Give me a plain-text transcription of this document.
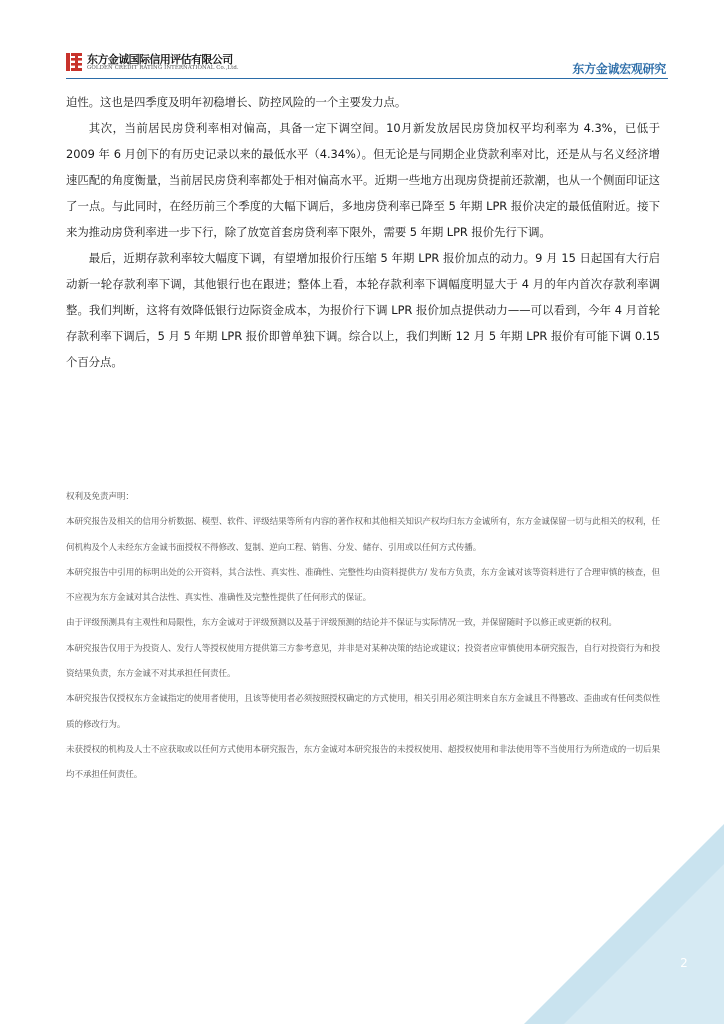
东方金诚国际信用评估有限公司
GOLDEN CREDIT RATING INTERNATIONAL Co.,Ltd.	东方金诚宏观研究

迫性。这也是四季度及明年初稳增长、防控风险的一个主要发力点。

其次，当前居民房贷利率相对偏高，具备一定下调空间。10月新发放居民房贷加权平均利率为 4.3%，已低于 2009 年 6 月创下的有历史记录以来的最低水平（4.34%）。但无论是与同期企业贷款利率对比，还是从与名义经济增速匹配的角度衡量，当前居民房贷利率都处于相对偏高水平。近期一些地方出现房贷提前还款潮，也从一个侧面印证这了一点。与此同时，在经历前三个季度的大幅下调后，多地房贷利率已降至 5 年期 LPR 报价决定的最低值附近。接下来为推动房贷利率进一步下行，除了放宽首套房贷利率下限外，需要 5 年期 LPR 报价先行下调。

最后，近期存款利率较大幅度下调，有望增加报价行压缩 5 年期 LPR 报价加点的动力。9 月 15 日起国有大行启动新一轮存款利率下调，其他银行也在跟进；整体上看，本轮存款利率下调幅度明显大于 4 月的年内首次存款利率调整。我们判断，这将有效降低银行边际资金成本，为报价行下调 LPR 报价加点提供动力——可以看到，今年 4 月首轮存款利率下调后，5 月 5 年期 LPR 报价即曾单独下调。综合以上，我们判断 12 月 5 年期 LPR 报价有可能下调 0.15 个百分点。

权利及免责声明：

本研究报告及相关的信用分析数据、模型、软件、评级结果等所有内容的著作权和其他相关知识产权均归东方金诚所有，东方金诚保留一切与此相关的权利，任何机构及个人未经东方金诚书面授权不得修改、复制、逆向工程、销售、分发、储存、引用或以任何方式传播。

本研究报告中引用的标明出处的公开资料，其合法性、真实性、准确性、完整性均由资料提供方/ 发布方负责，东方金诚对该等资料进行了合理审慎的核查，但不应视为东方金诚对其合法性、真实性、准确性及完整性提供了任何形式的保证。

由于评级预测具有主观性和局限性，东方金诚对于评级预测以及基于评级预测的结论并不保证与实际情况一致，并保留随时予以修正或更新的权利。

本研究报告仅用于为投资人、发行人等授权使用方提供第三方参考意见，并非是对某种决策的结论或建议；投资者应审慎使用本研究报告，自行对投资行为和投资结果负责，东方金诚不对其承担任何责任。

本研究报告仅授权东方金诚指定的使用者使用，且该等使用者必须按照授权确定的方式使用，相关引用必须注明来自东方金诚且不得篡改、歪曲或有任何类似性质的修改行为。

未获授权的机构及人士不应获取或以任何方式使用本研究报告，东方金诚对本研究报告的未授权使用、超授权使用和非法使用等不当使用行为所造成的一切后果均不承担任何责任。

2
